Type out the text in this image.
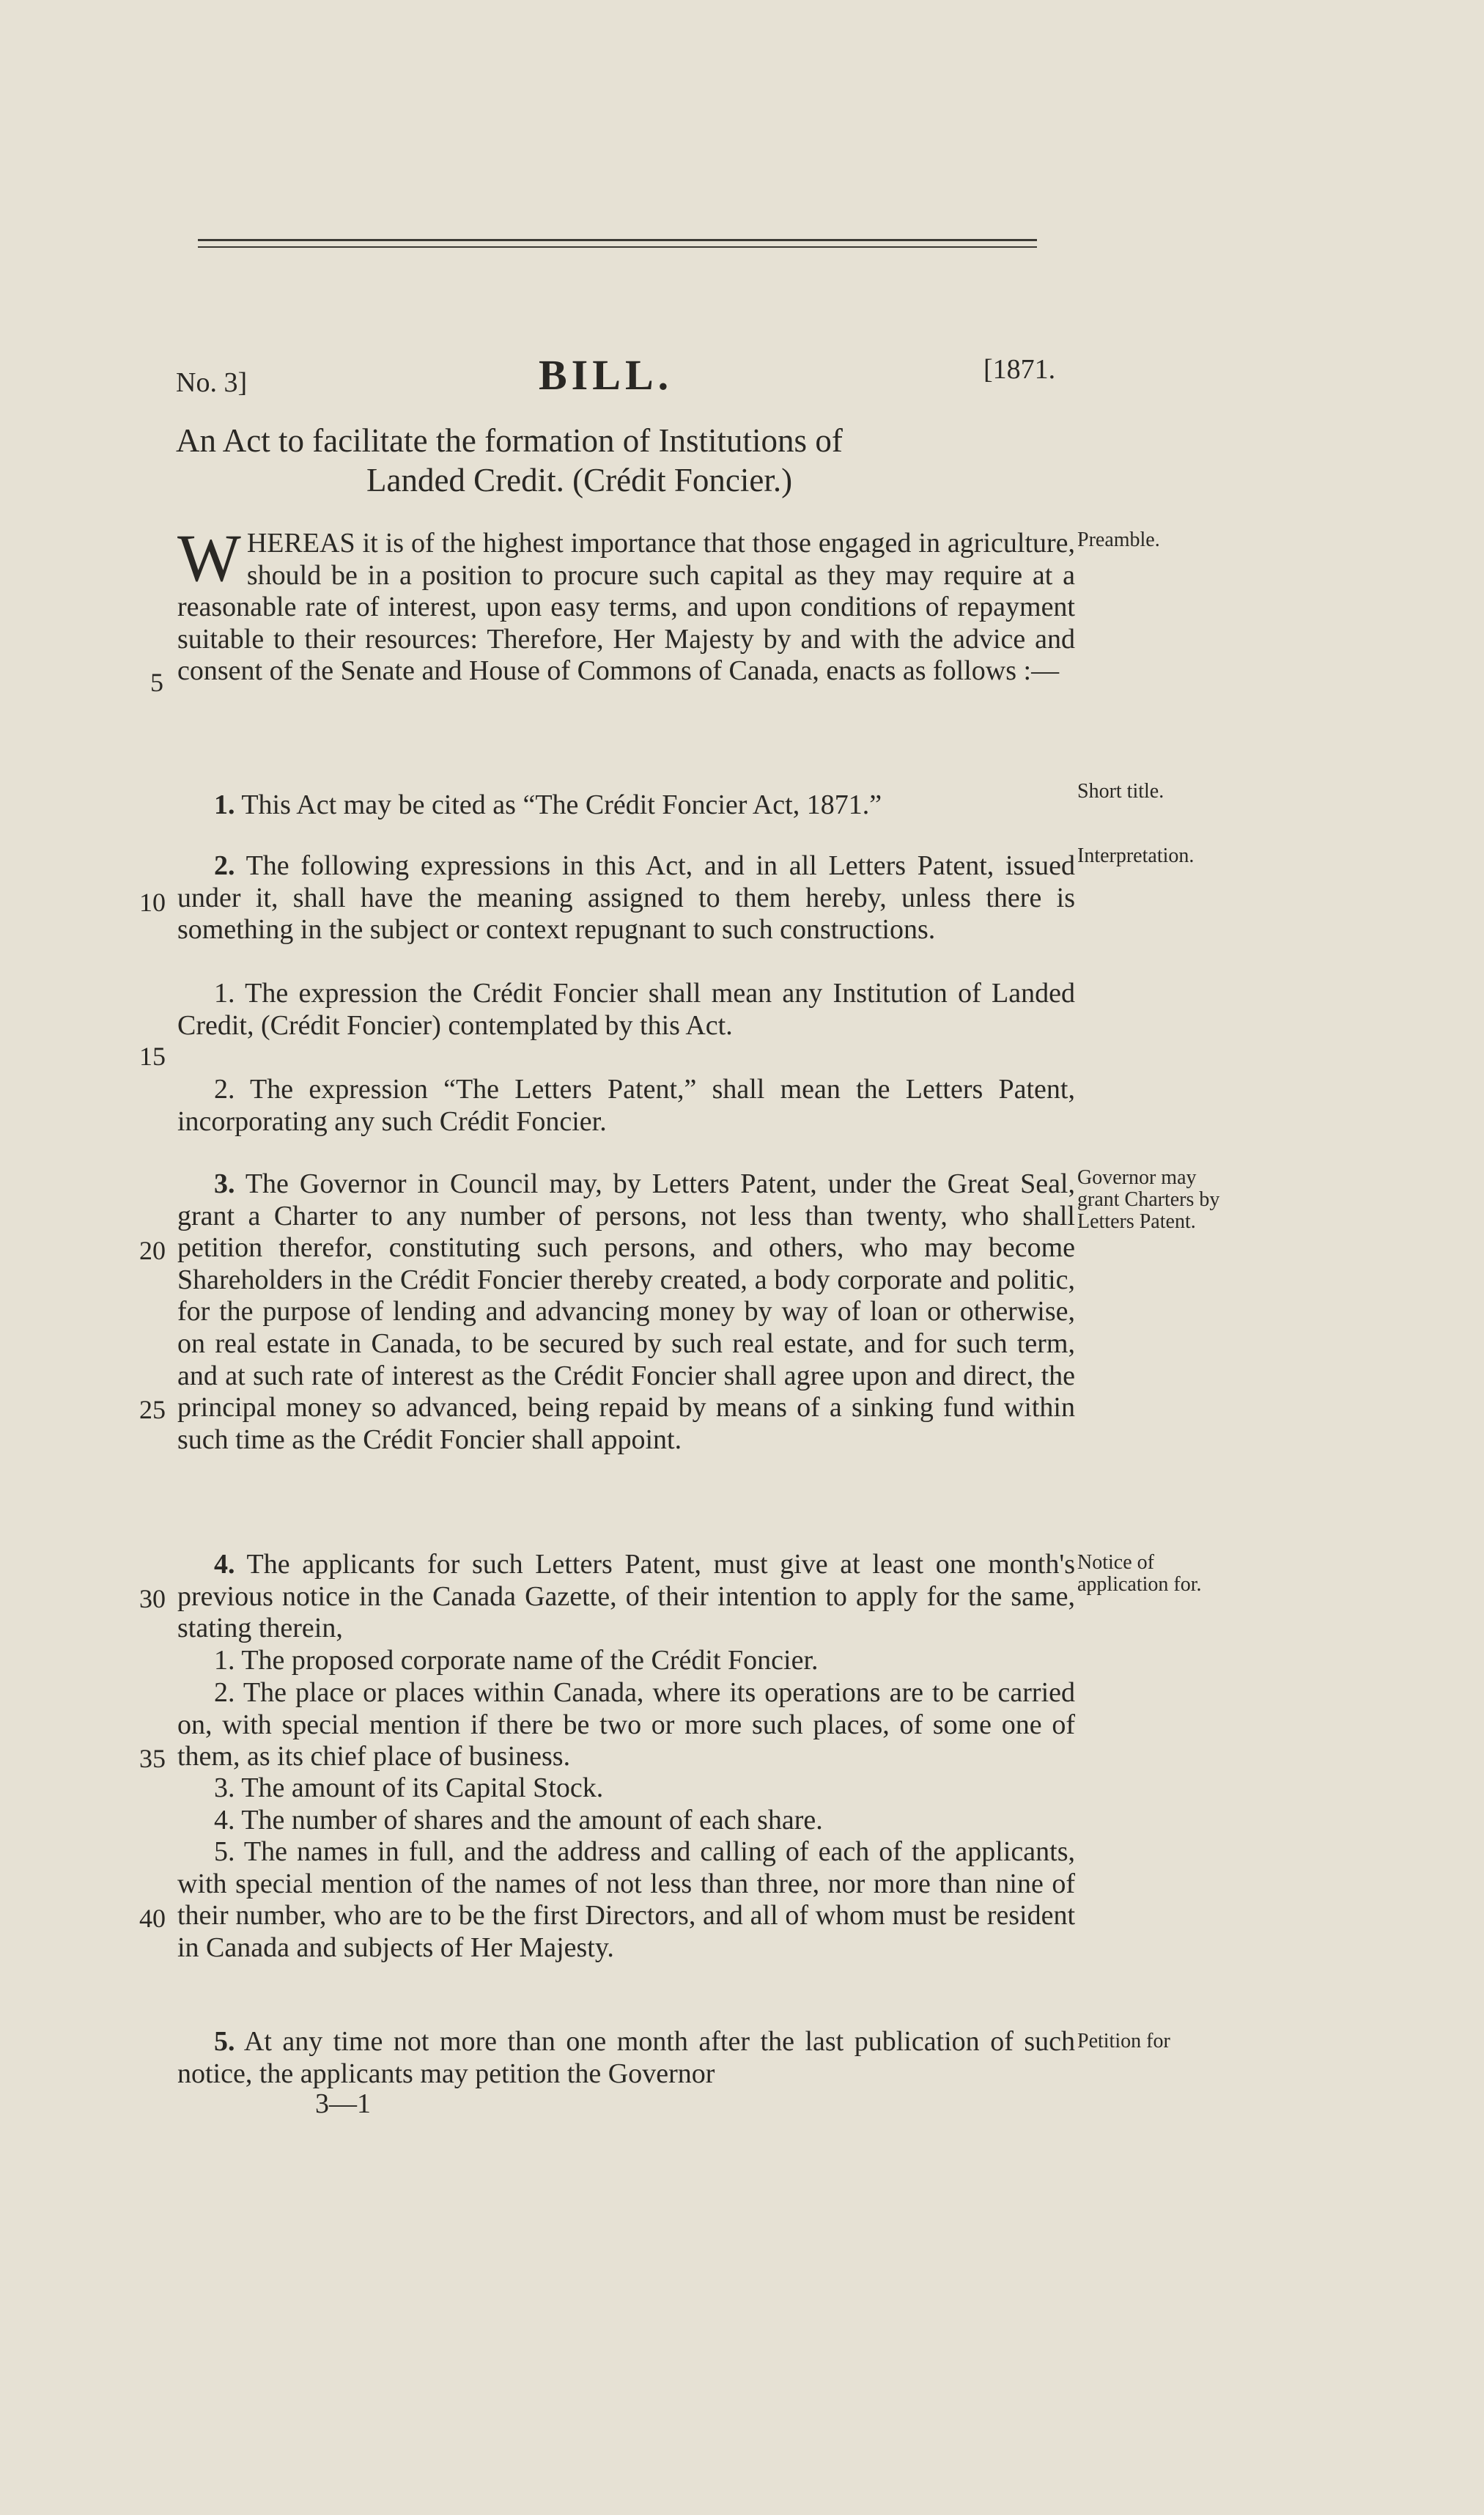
No. 3]	BILL.	[1871.
An Act to facilitate the formation of Institutions of
Landed Credit. (Crédit Foncier.)
WHEREAS it is of the highest importance that those engaged in agriculture, should be in a position to procure such capital as they may require at a reasonable rate of interest, upon easy terms, and upon conditions of repayment suitable to their resources: Therefore, Her Majesty by and with the advice and consent of the Senate and House of Commons of Canada, enacts as follows :—
Preamble.
1. This Act may be cited as “The Crédit Foncier Act, 1871.”	Short title.
2. The following expressions in this Act, and in all Letters Patent, issued under it, shall have the meaning assigned to them hereby, unless there is something in the subject or context repugnant to such constructions.
1. The expression the Crédit Foncier shall mean any Institution of Landed Credit, (Crédit Foncier) contemplated by this Act.
2. The expression “The Letters Patent,” shall mean the Letters Patent, incorporating any such Crédit Foncier.
Interpretation.
3. The Governor in Council may, by Letters Patent, under the Great Seal, grant a Charter to any number of persons, not less than twenty, who shall petition therefor, constituting such persons, and others, who may become Shareholders in the Crédit Foncier thereby created, a body corporate and politic, for the purpose of lending and advancing money by way of loan or otherwise, on real estate in Canada, to be secured by such real estate, and for such term, and at such rate of interest as the Crédit Foncier shall agree upon and direct, the principal money so advanced, being repaid by means of a sinking fund within such time as the Crédit Foncier shall appoint.
Governor may grant Charters by Letters Patent.
4. The applicants for such Letters Patent, must give at least one month's previous notice in the Canada Gazette, of their intention to apply for the same, stating therein,
1. The proposed corporate name of the Crédit Foncier.
2. The place or places within Canada, where its operations are to be carried on, with special mention if there be two or more such places, of some one of them, as its chief place of business.
3. The amount of its Capital Stock.
4. The number of shares and the amount of each share.
5. The names in full, and the address and calling of each of the applicants, with special mention of the names of not less than three, nor more than nine of their number, who are to be the first Directors, and all of whom must be resident in Canada and subjects of Her Majesty.
Notice of application for.
5. At any time not more than one month after the last publication of such notice, the applicants may petition the Governor
Petition for
5
10
15
20
25
30
35
40
3—1
